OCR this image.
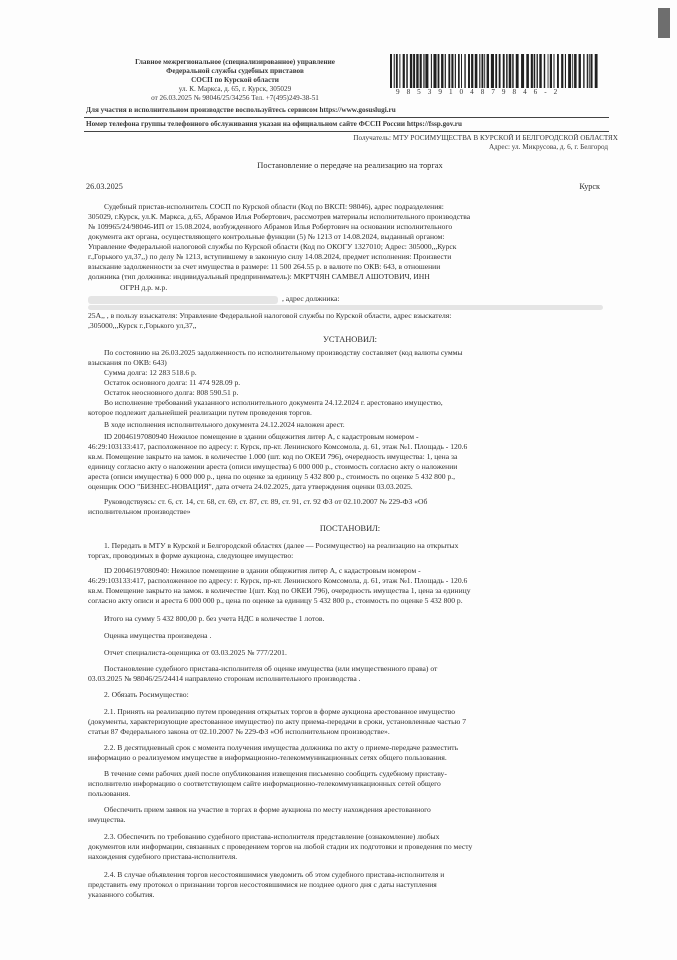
Главное межрегиональное (специализированное) управление
Федеральной службы судебных приставов
СОСП по Курской области
ул. К. Маркса, д. 65, г. Курск, 305029
от 26.03.2025 № 98046/25/34256 Тел. +7(495)249-38-51
9 8 5 3 9 1 0 4 8 7 9 8 4 6 - 2
Для участия в исполнительном производстве воспользуйтесь сервисом https://www.gosuslugi.ru
Номер телефона группы телефонного обслуживания указан на официальном сайте ФССП России https://fssp.gov.ru
Получатель: МТУ РОСИМУЩЕСТВА В КУРСКОЙ И БЕЛГОРОДСКОЙ ОБЛАСТЯХ
Адрес: ул. Микрусова, д. 6, г. Белгород
Постановление о передаче на реализацию на торгах
26.03.2025	Курск
Судебный пристав-исполнитель СОСП по Курской области (Код по ВКСП: 98046), адрес подразделения:
305029, г.Курск, ул.К. Маркса, д.65, Абрамов Илья Робертович, рассмотрев материалы исполнительного производства
№ 109965/24/98046-ИП от 15.08.2024, возбужденного Абрамов Илья Робертович на основании исполнительного
документа акт органа, осуществляющего контрольные функции (5) № 1213 от 14.08.2024, выданный органом:
Управление Федеральной налоговой службы по Курской области (Код по ОКОГУ 1327010; Адрес: 305000,,,Курск
г.,Горького ул,37,,) по делу № 1213, вступившему в законную силу 14.08.2024, предмет исполнения: Произвести
взыскание задолженности за счет имущества в размере: 11 500 264.55 р. в валюте по ОКВ: 643, в отношении
должника (тип должника: индивидуальный предприниматель): МКРТЧЯН САМВЕЛ АШОТОВИЧ, ИНН
ОГРН д.р. м.р.
, адрес должника:
25А,, , в пользу взыскателя: Управление Федеральной налоговой службы по Курской области, адрес взыскателя:
,305000,,,Курск г.,Горького ул,37,,
УСТАНОВИЛ:
По состоянию на 26.03.2025 задолженность по исполнительному производству составляет (код валюты суммы
взыскания по ОКВ: 643)
Сумма долга: 12 283 518.6 р.
Остаток основного долга: 11 474 928.09 р.
Остаток неосновного долга: 808 590.51 р.
Во исполнение требований указанного исполнительного документа 24.12.2024 г. арестовано имущество,
которое подлежит дальнейшей реализации путем проведения торгов.
В ходе исполнения исполнительного документа 24.12.2024 наложен арест.
ID 20046197080940 Нежилое помещение в здании общежития литер А, с кадастровым номером -
46:29:103133:417, расположенное по адресу: г. Курск, пр-кт. Ленинского Комсомола, д. 61, этаж №1. Площадь - 120.6
кв.м. Помещение закрыто на замок. в количестве 1.000 (шт. код по ОКЕИ 796), очередность имущества: 1, цена за
единицу согласно акту о наложении ареста (описи имущества) 6 000 000 р., стоимость согласно акту о наложении
ареста (описи имущества) 6 000 000 р., цена по оценке за единицу 5 432 800 р., стоимость по оценке 5 432 800 р.,
оценщик ООО "БИЗНЕС-НОВАЦИЯ", дата отчета 24.02.2025, дата утверждения оценки 03.03.2025.
Руководствуясь: ст. 6, ст. 14, ст. 68, ст. 69, ст. 87, ст. 89, ст. 91, ст. 92 ФЗ от 02.10.2007 № 229-ФЗ «Об
исполнительном производстве»
ПОСТАНОВИЛ:
1. Передать в МТУ в Курской и Белгородской областях (далее — Росимущество) на реализацию на открытых
торгах, проводимых в форме аукциона, следующее имущество:
ID 20046197080940: Нежилое помещение в здании общежития литер А, с кадастровым номером -
46:29:103133:417, расположенное по адресу: г. Курск, пр-кт. Ленинского Комсомола, д. 61, этаж №1. Площадь - 120.6
кв.м. Помещение закрыто на замок. в количестве 1(шт. Код по ОКЕИ 796), очередность имущества 1, цена за единицу
согласно акту описи и ареста 6 000 000 р., цена по оценке за единицу 5 432 800 р., стоимость по оценке 5 432 800 р.
Итого на сумму 5 432 800,00 р. без учета НДС в количестве 1 лотов.
Оценка имущества произведена .
Отчет специалиста-оценщика от 03.03.2025 № 777/2201.
Постановление судебного пристава-исполнителя об оценке имущества (или имущественного права) от
03.03.2025 № 98046/25/24414 направлено сторонам исполнительного производства .
2. Обязать Росимущество:
2.1. Принять на реализацию путем проведения открытых торгов в форме аукциона арестованное имущество
(документы, характеризующие арестованное имущество) по акту приема-передачи в сроки, установленные частью 7
статьи 87 Федерального закона от 02.10.2007 № 229-ФЗ «Об исполнительном производстве».
2.2. В десятидневный срок с момента получения имущества должника по акту о приеме-передаче разместить
информацию о реализуемом имуществе в информационно-телекоммуникационных сетях общего пользования.
В течение семи рабочих дней после опубликования извещения письменно сообщить судебному приставу-
исполнителю информацию о соответствующем сайте информационно-телекоммуникационных сетей общего
пользования.
Обеспечить прием заявок на участие в торгах в форме аукциона по месту нахождения арестованного
имущества.
2.3. Обеспечить по требованию судебного пристава-исполнителя представление (ознакомление) любых
документов или информации, связанных с проведением торгов на любой стадии их подготовки и проведения по месту
нахождения судебного пристава-исполнителя.
2.4. В случае объявления торгов несостоявшимися уведомить об этом судебного пристава-исполнителя и
представить ему протокол о признании торгов несостоявшимися не позднее одного дня с даты наступления
указанного события.
